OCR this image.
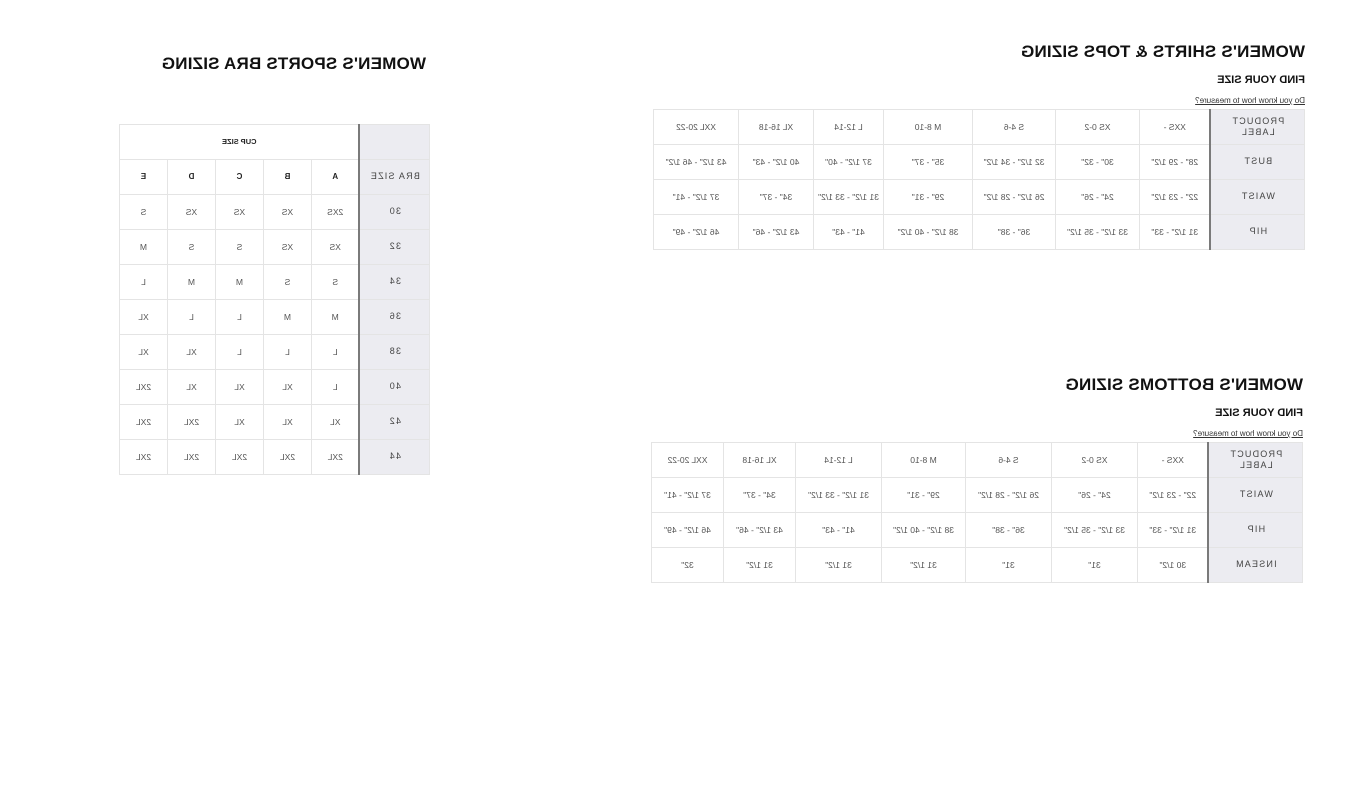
WOMEN'S SHIRTS & TOPS SIZING
FIND YOUR SIZE
Do you know how to measure?
PRODUCT LABEL	XXS -	XS 0-2	S 4-6	M 8-10	L 12-14	XL 16-18	XXL 20-22
BUST	28" - 29 1/2"	30" - 32"	32 1/2" - 34 1/2"	35" - 37"	37 1/2" - 40"	40 1/2" - 43"	43 1/2" - 46 1/2"
WAIST	22" - 23 1/2"	24" - 26"	26 1/2" - 28 1/2"	29" - 31"	31 1/2" - 33 1/2"	34" - 37"	37 1/2" - 41"
HIP	31 1/2" - 33"	33 1/2" - 35 1/2"	36" - 38"	38 1/2" - 40 1/2"	41" - 43"	43 1/2" - 46"	46 1/2" - 49"
WOMEN'S BOTTOMS SIZING
FIND YOUR SIZE
Do you know how to measure?
PRODUCT LABEL	XXS -	XS 0-2	S 4-6	M 8-10	L 12-14	XL 16-18	XXL 20-22
WAIST	22" - 23 1/2"	24" - 26"	26 1/2" - 28 1/2"	29" - 31"	31 1/2" - 33 1/2"	34" - 37"	37 1/2" - 41"
HIP	31 1/2" - 33"	33 1/2" - 35 1/2"	36" - 38"	38 1/2" - 40 1/2"	41" - 43"	43 1/2" - 46"	46 1/2" - 49"
INSEAM	30 1/2"	31"	31"	31 1/2"	31 1/2"	31 1/2"	32"
WOMEN'S SPORTS BRA SIZING
	CUP SIZE				
BRA SIZE	A	B	C	D	E
30	2XS	XS	XS	XS	S
32	XS	XS	S	S	M
34	S	S	M	M	L
36	M	M	L	L	XL
38	L	L	L	XL	XL
40	L	XL	XL	XL	2XL
42	XL	XL	XL	2XL	2XL
44	2XL	2XL	2XL	2XL	2XL
